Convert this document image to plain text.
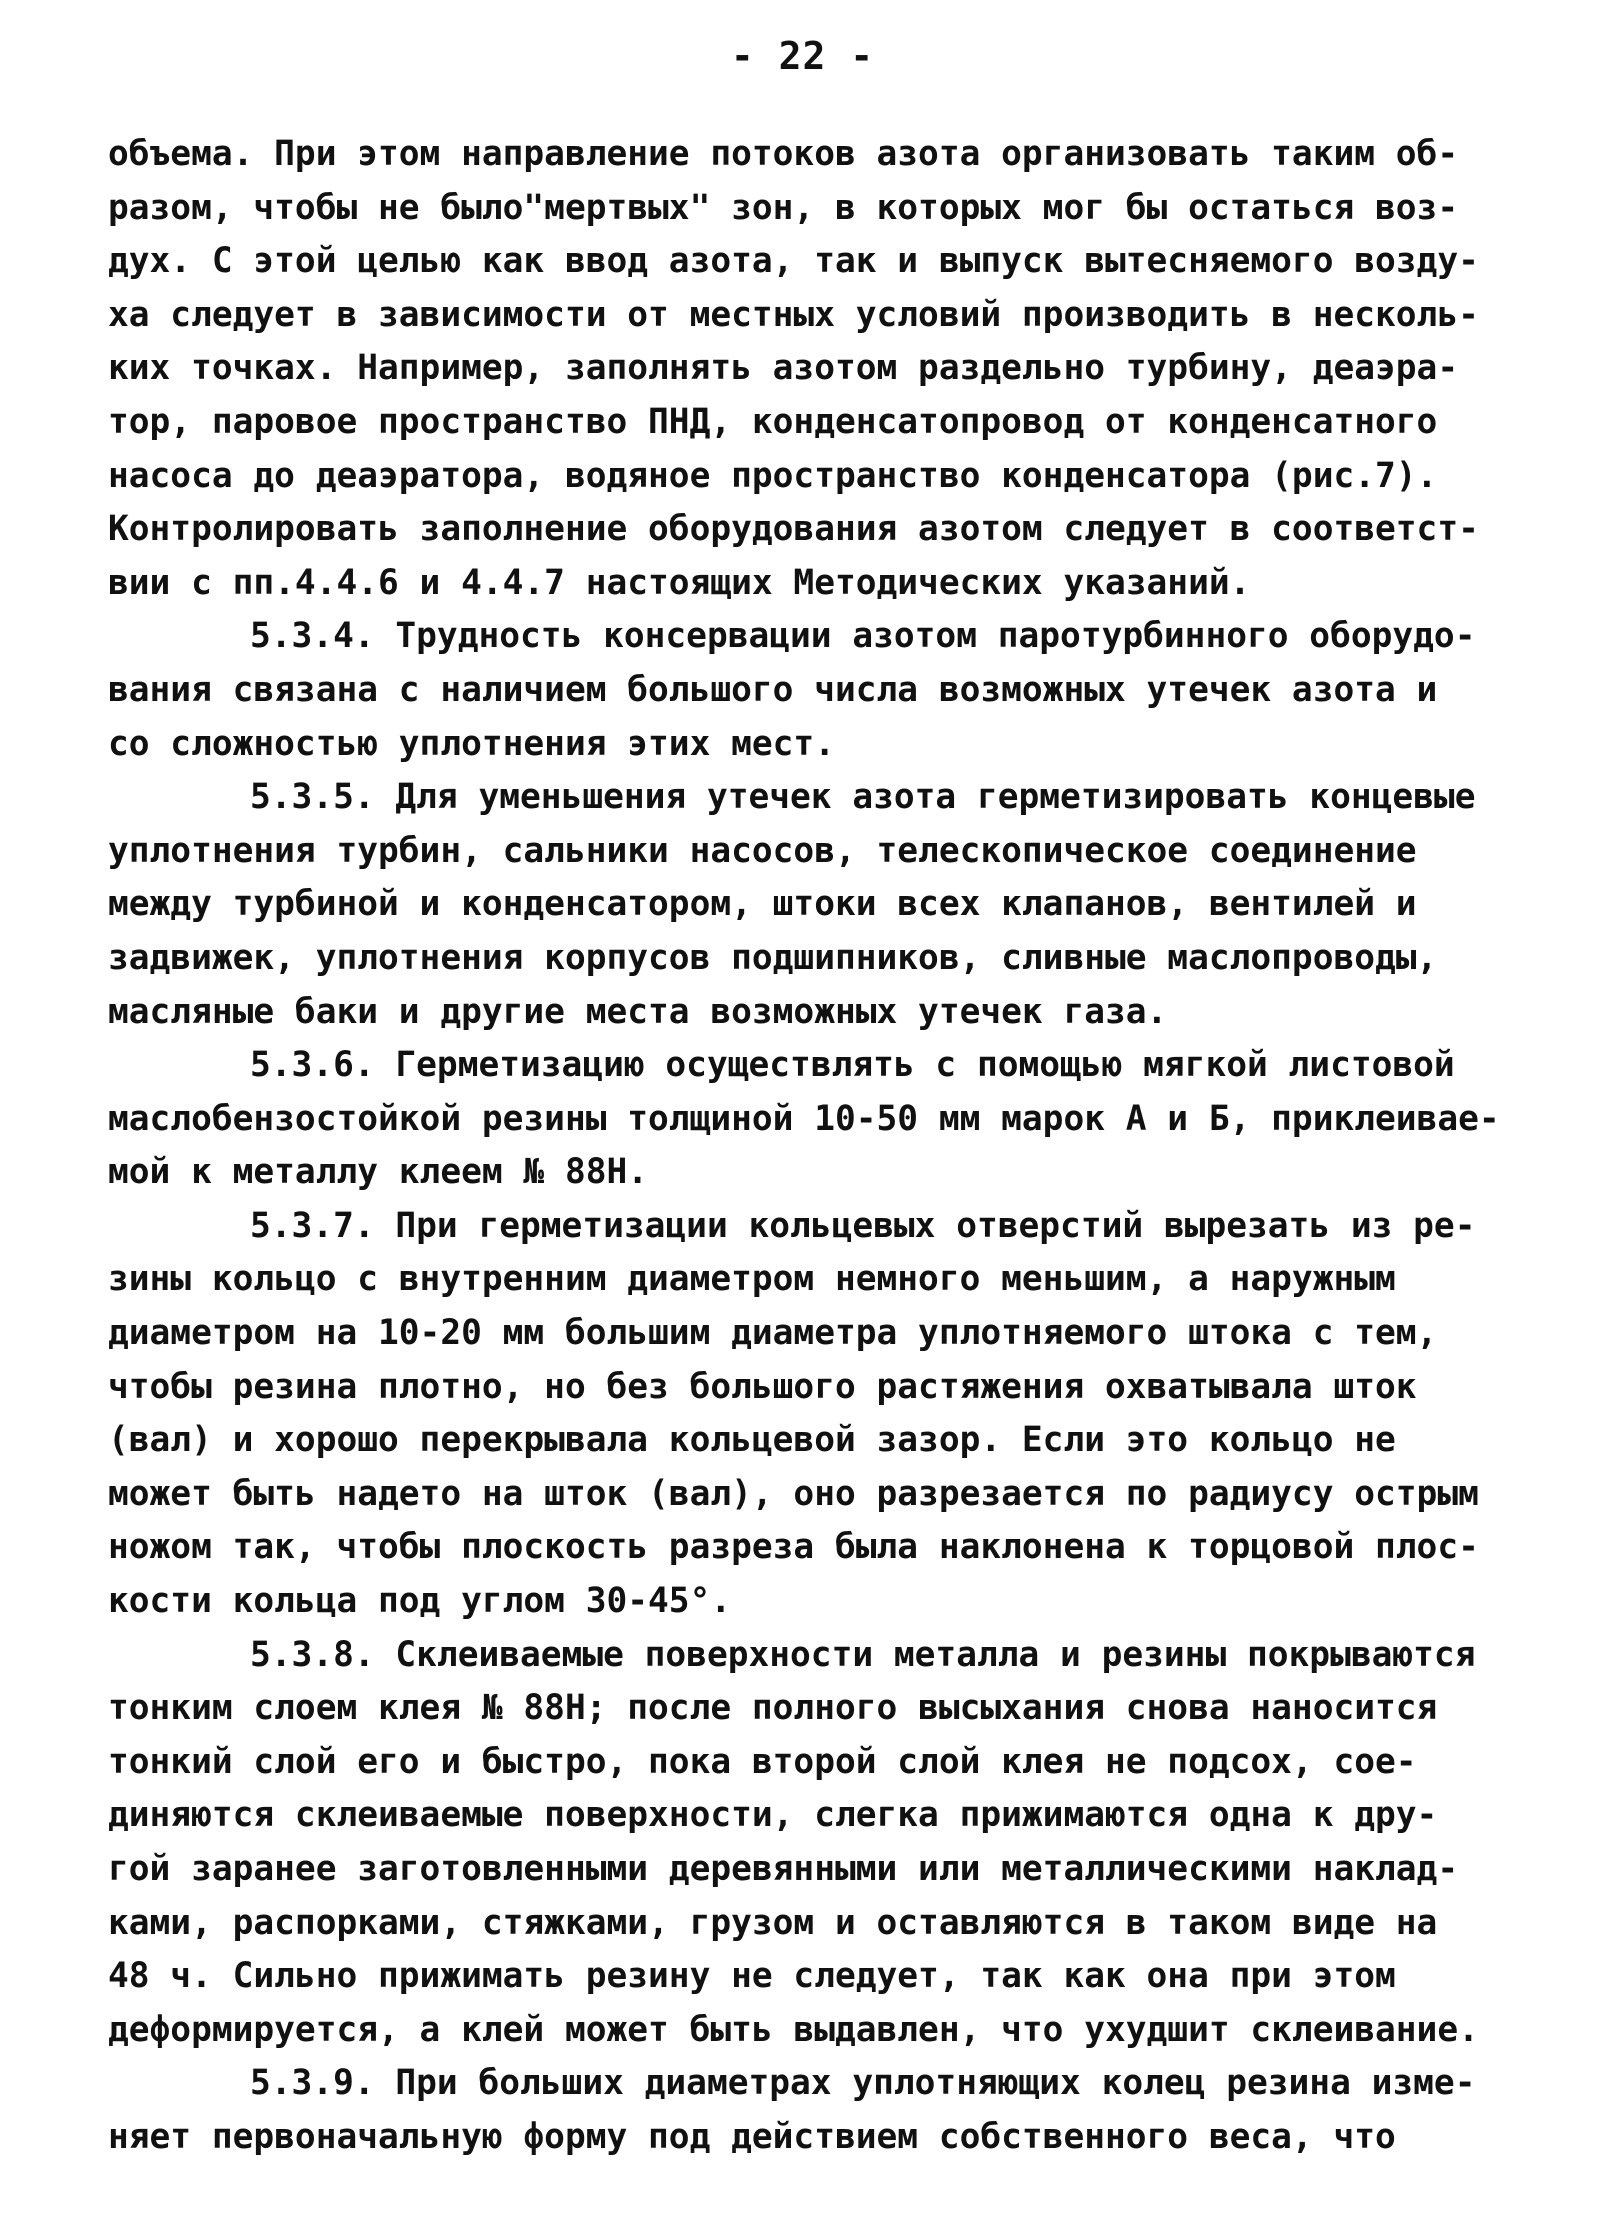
- 22 -
объема. При этом направление потоков азота организовать таким об-
разом, чтобы не было"мертвых" зон, в которых мог бы остаться воз-
дух. С этой целью как ввод азота, так и выпуск вытесняемого возду-
ха следует в зависимости от местных условий производить в несколь-
ких точках. Например, заполнять азотом раздельно турбину, деаэра-
тор, паровое пространство ПНД, конденсатопровод от конденсатного
насоса до деаэратора, водяное пространство конденсатора (рис.7).
Контролировать заполнение оборудования азотом следует в соответст-
вии с пп.4.4.6 и 4.4.7 настоящих Методических указаний.
5.3.4. Трудность консервации азотом паротурбинного оборудо-
вания связана с наличием большого числа возможных утечек азота и
со сложностью уплотнения этих мест.
5.3.5. Для уменьшения утечек азота герметизировать концевые
уплотнения турбин, сальники насосов, телескопическое соединение
между турбиной и конденсатором, штоки всех клапанов, вентилей и
задвижек, уплотнения корпусов подшипников, сливные маслопроводы,
масляные баки и другие места возможных утечек газа.
5.3.6. Герметизацию осуществлять с помощью мягкой листовой
маслобензостойкой резины толщиной 10-50 мм марок А и Б, приклеивае-
мой к металлу клеем № 88Н.
5.3.7. При герметизации кольцевых отверстий вырезать из ре-
зины кольцо с внутренним диаметром немного меньшим, а наружным
диаметром на 10-20 мм большим диаметра уплотняемого штока с тем,
чтобы резина плотно, но без большого растяжения охватывала шток
(вал) и хорошо перекрывала кольцевой зазор. Если это кольцо не
может быть надето на шток (вал), оно разрезается по радиусу острым
ножом так, чтобы плоскость разреза была наклонена к торцовой плос-
кости кольца под углом 30-45°.
5.3.8. Склеиваемые поверхности металла и резины покрываются
тонким слоем клея № 88Н; после полного высыхания снова наносится
тонкий слой его и быстро, пока второй слой клея не подсох, сое-
диняются склеиваемые поверхности, слегка прижимаются одна к дру-
гой заранее заготовленными деревянными или металлическими наклад-
ками, распорками, стяжками, грузом и оставляются в таком виде на
48 ч. Сильно прижимать резину не следует, так как она при этом
деформируется, а клей может быть выдавлен, что ухудшит склеивание.
5.3.9. При больших диаметрах уплотняющих колец резина изме-
няет первоначальную форму под действием собственного веса, что
